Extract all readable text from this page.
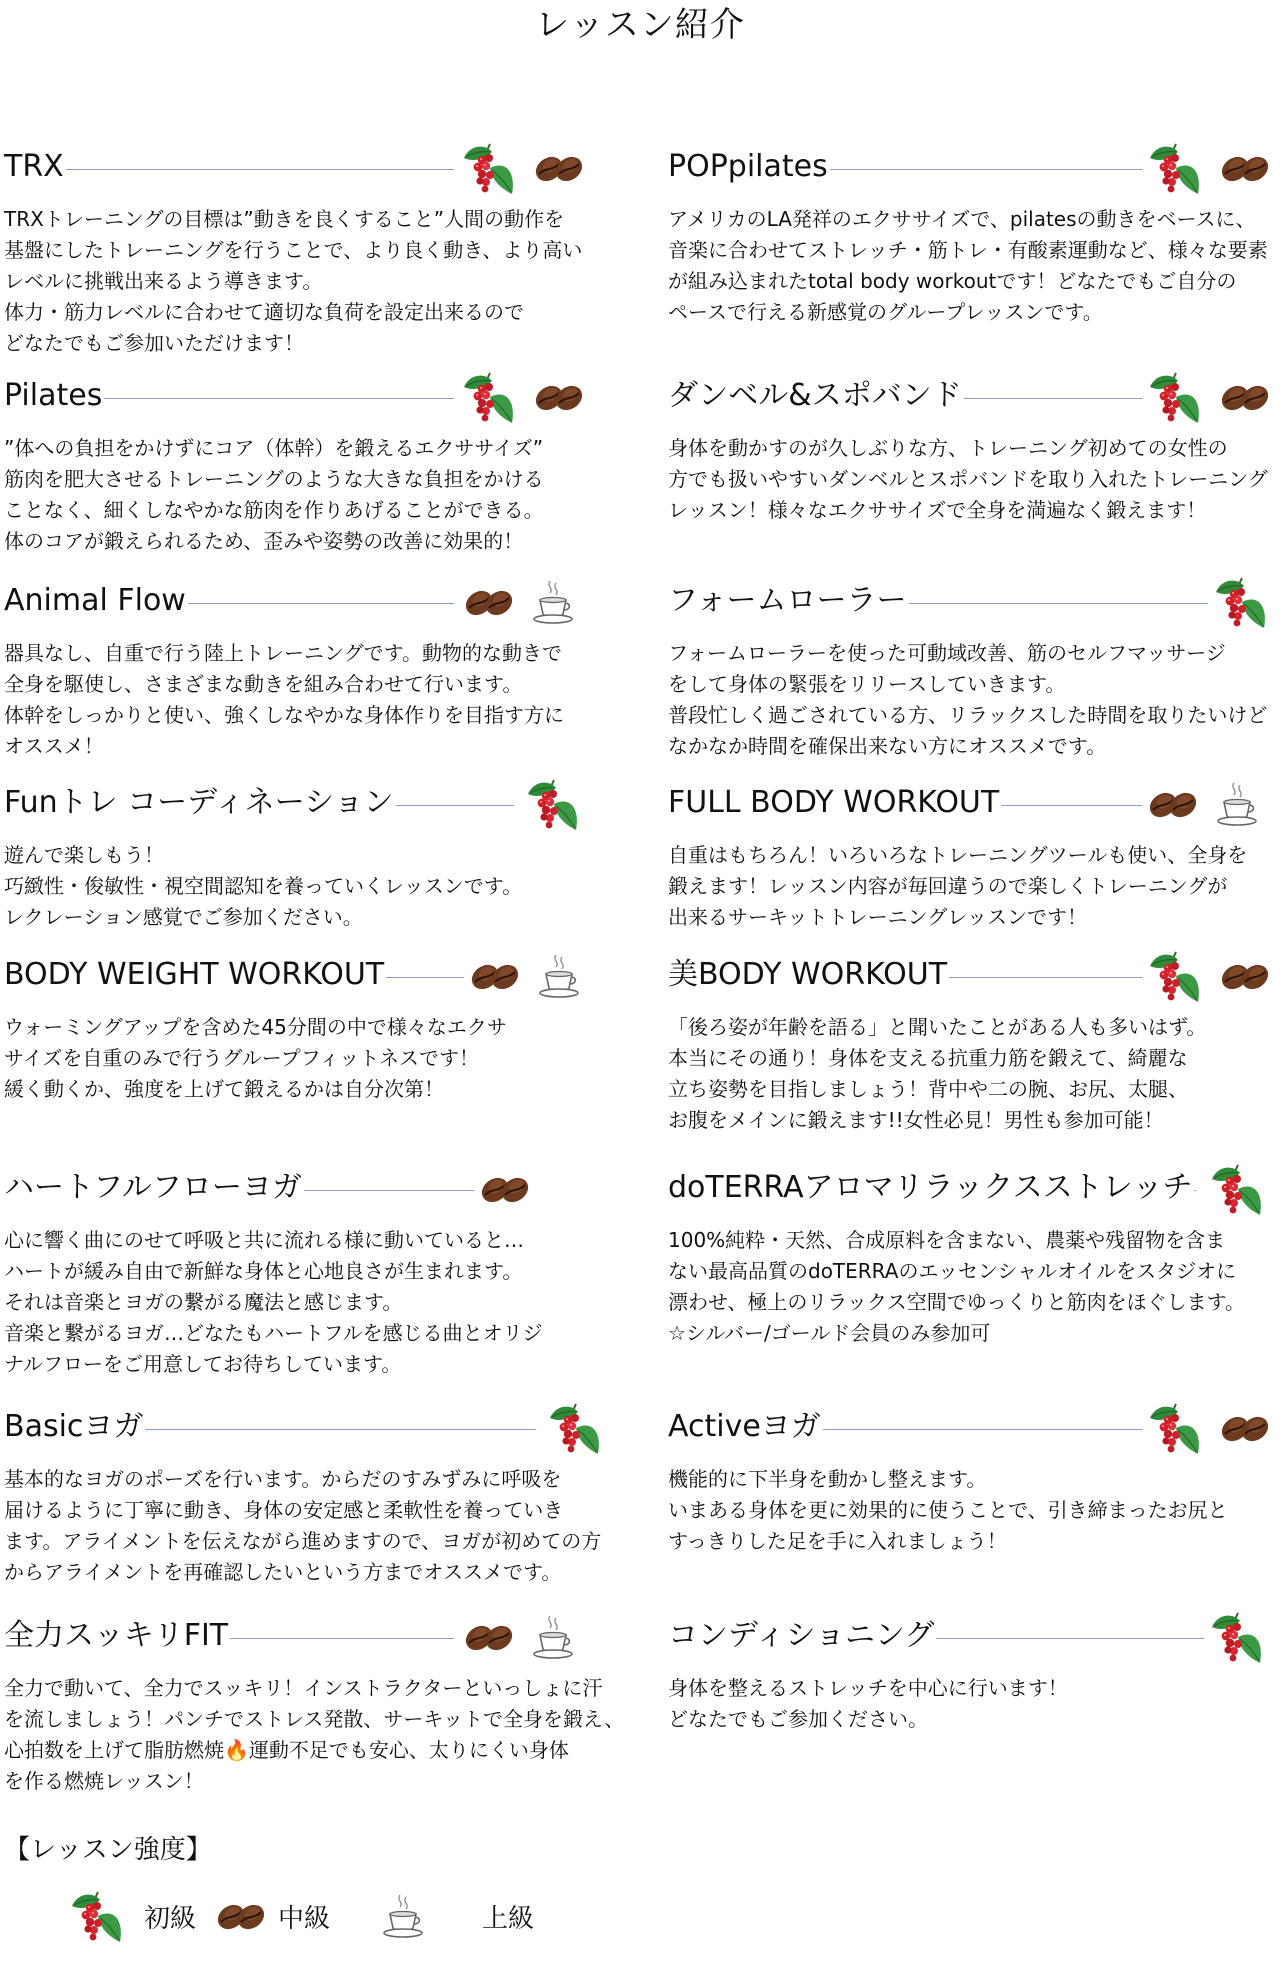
レッスン紹介
TRX
TRXトレーニングの目標は”動きを良くすること”人間の動作を
基盤にしたトレーニングを行うことで、より良く動き、より高い
レベルに挑戦出来るよう導きます。
体力・筋力レベルに合わせて適切な負荷を設定出来るので
どなたでもご参加いただけます！
POPpilates
アメリカのLA発祥のエクササイズで、pilatesの動きをベースに、
音楽に合わせてストレッチ・筋トレ・有酸素運動など、様々な要素
が組み込まれたtotal body workoutです！どなたでもご自分の
ペースで行える新感覚のグループレッスンです。
Pilates
”体への負担をかけずにコア（体幹）を鍛えるエクササイズ”
筋肉を肥大させるトレーニングのような大きな負担をかける
ことなく、細くしなやかな筋肉を作りあげることができる。
体のコアが鍛えられるため、歪みや姿勢の改善に効果的！
ダンベル&スポバンド
身体を動かすのが久しぶりな方、トレーニング初めての女性の
方でも扱いやすいダンベルとスポバンドを取り入れたトレーニング
レッスン！様々なエクササイズで全身を満遍なく鍛えます！
Animal Flow
器具なし、自重で行う陸上トレーニングです。動物的な動きで
全身を駆使し、さまざまな動きを組み合わせて行います。
体幹をしっかりと使い、強くしなやかな身体作りを目指す方に
オススメ！
フォームローラー
フォームローラーを使った可動域改善、筋のセルフマッサージ
をして身体の緊張をリリースしていきます。
普段忙しく過ごされている方、リラックスした時間を取りたいけど
なかなか時間を確保出来ない方にオススメです。
Funトレ コーディネーション
遊んで楽しもう！
巧緻性・俊敏性・視空間認知を養っていくレッスンです。
レクレーション感覚でご参加ください。
FULL BODY WORKOUT
自重はもちろん！いろいろなトレーニングツールも使い、全身を
鍛えます！レッスン内容が毎回違うので楽しくトレーニングが
出来るサーキットトレーニングレッスンです！
BODY WEIGHT WORKOUT
ウォーミングアップを含めた45分間の中で様々なエクサ
サイズを自重のみで行うグループフィットネスです！
緩く動くか、強度を上げて鍛えるかは自分次第！
美BODY WORKOUT
「後ろ姿が年齢を語る」と聞いたことがある人も多いはず。
本当にその通り！身体を支える抗重力筋を鍛えて、綺麗な
立ち姿勢を目指しましょう！背中や二の腕、お尻、太腿、
お腹をメインに鍛えます!!女性必見！男性も参加可能！
ハートフルフローヨガ
心に響く曲にのせて呼吸と共に流れる様に動いていると…
ハートが緩み自由で新鮮な身体と心地良さが生まれます。
それは音楽とヨガの繋がる魔法と感じます。
音楽と繋がるヨガ…どなたもハートフルを感じる曲とオリジ
ナルフローをご用意してお待ちしています。
doTERRAアロマリラックスストレッチ
100%純粋・天然、合成原料を含まない、農薬や残留物を含ま
ない最高品質のdoTERRAのエッセンシャルオイルをスタジオに
漂わせ、極上のリラックス空間でゆっくりと筋肉をほぐします。
☆シルバー/ゴールド会員のみ参加可
Basicヨガ
基本的なヨガのポーズを行います。からだのすみずみに呼吸を
届けるように丁寧に動き、身体の安定感と柔軟性を養っていき
ます。アライメントを伝えながら進めますので、ヨガが初めての方
からアライメントを再確認したいという方までオススメです。
Activeヨガ
機能的に下半身を動かし整えます。
いまある身体を更に効果的に使うことで、引き締まったお尻と
すっきりした足を手に入れましょう！
全力スッキリFIT
全力で動いて、全力でスッキリ！インストラクターといっしょに汗
を流しましょう！パンチでストレス発散、サーキットで全身を鍛え、
心拍数を上げて脂肪燃焼🔥運動不足でも安心、太りにくい身体
を作る燃焼レッスン！
コンディショニング
身体を整えるストレッチを中心に行います！
どなたでもご参加ください。
【レッスン強度】
初級	中級	上級
